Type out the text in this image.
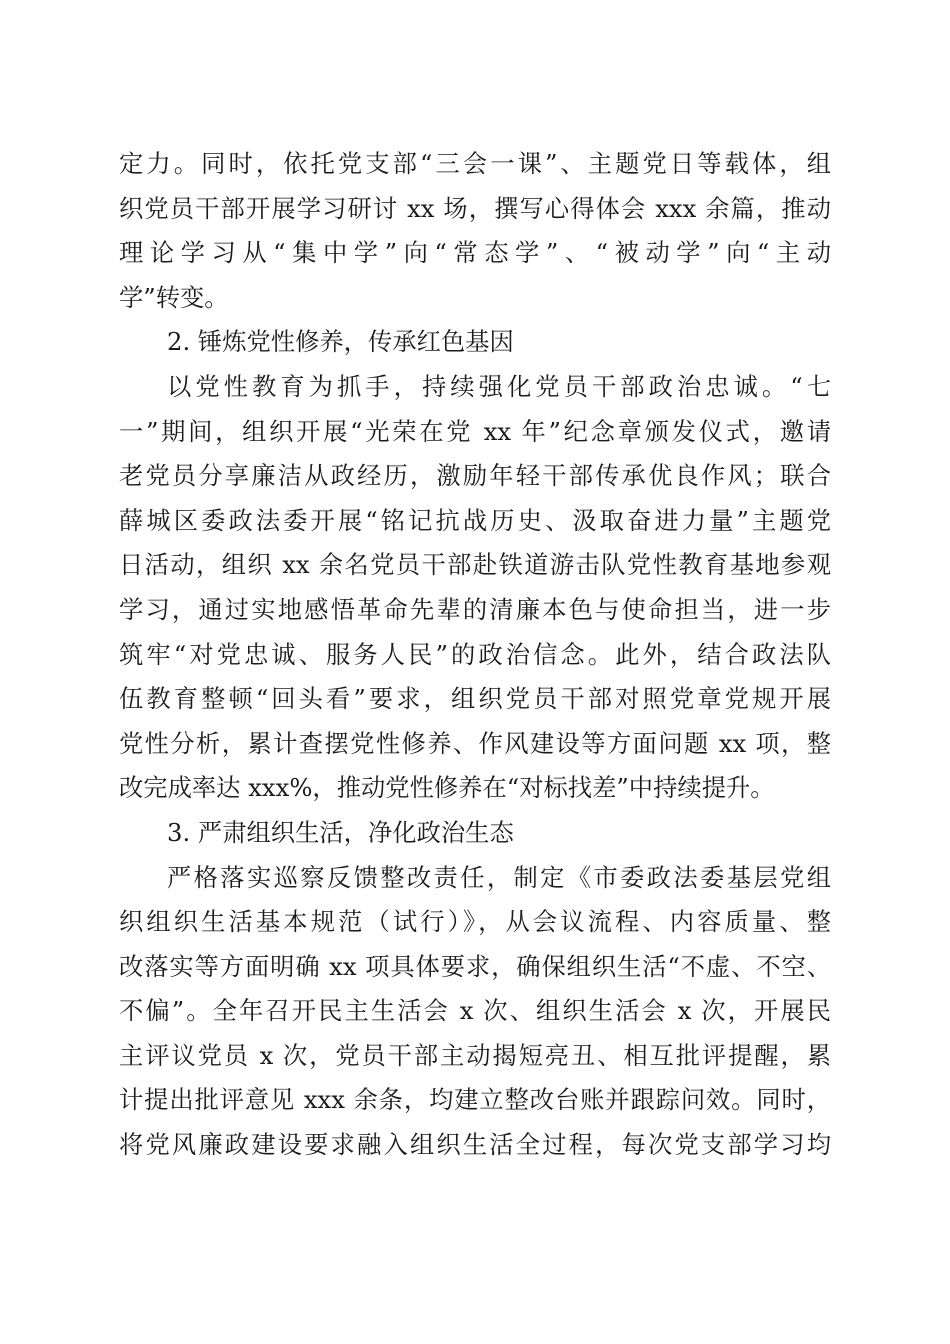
定力。同时，依托党支部“三会一课”、主题党日等载体，组
织党员干部开展学习研讨 xx 场，撰写心得体会 xxx 余篇，推动
理论学习从“集中学”向“常态学”、“被动学”向“主动
学”转变。
2. 锤炼党性修养，传承红色基因
以党性教育为抓手，持续强化党员干部政治忠诚。“七
一”期间，组织开展“光荣在党 xx 年”纪念章颁发仪式，邀请
老党员分享廉洁从政经历，激励年轻干部传承优良作风；联合
薛城区委政法委开展“铭记抗战历史、汲取奋进力量”主题党
日活动，组织 xx 余名党员干部赴铁道游击队党性教育基地参观
学习，通过实地感悟革命先辈的清廉本色与使命担当，进一步
筑牢“对党忠诚、服务人民”的政治信念。此外，结合政法队
伍教育整顿“回头看”要求，组织党员干部对照党章党规开展
党性分析，累计查摆党性修养、作风建设等方面问题 xx 项，整
改完成率达 xxx%，推动党性修养在“对标找差”中持续提升。
3. 严肃组织生活，净化政治生态
严格落实巡察反馈整改责任，制定《市委政法委基层党组
织组织生活基本规范（试行）》，从会议流程、内容质量、整
改落实等方面明确 xx 项具体要求，确保组织生活“不虚、不空、
不偏”。全年召开民主生活会 x 次、组织生活会 x 次，开展民
主评议党员 x 次，党员干部主动揭短亮丑、相互批评提醒，累
计提出批评意见 xxx 余条，均建立整改台账并跟踪问效。同时，
将党风廉政建设要求融入组织生活全过程，每次党支部学习均
